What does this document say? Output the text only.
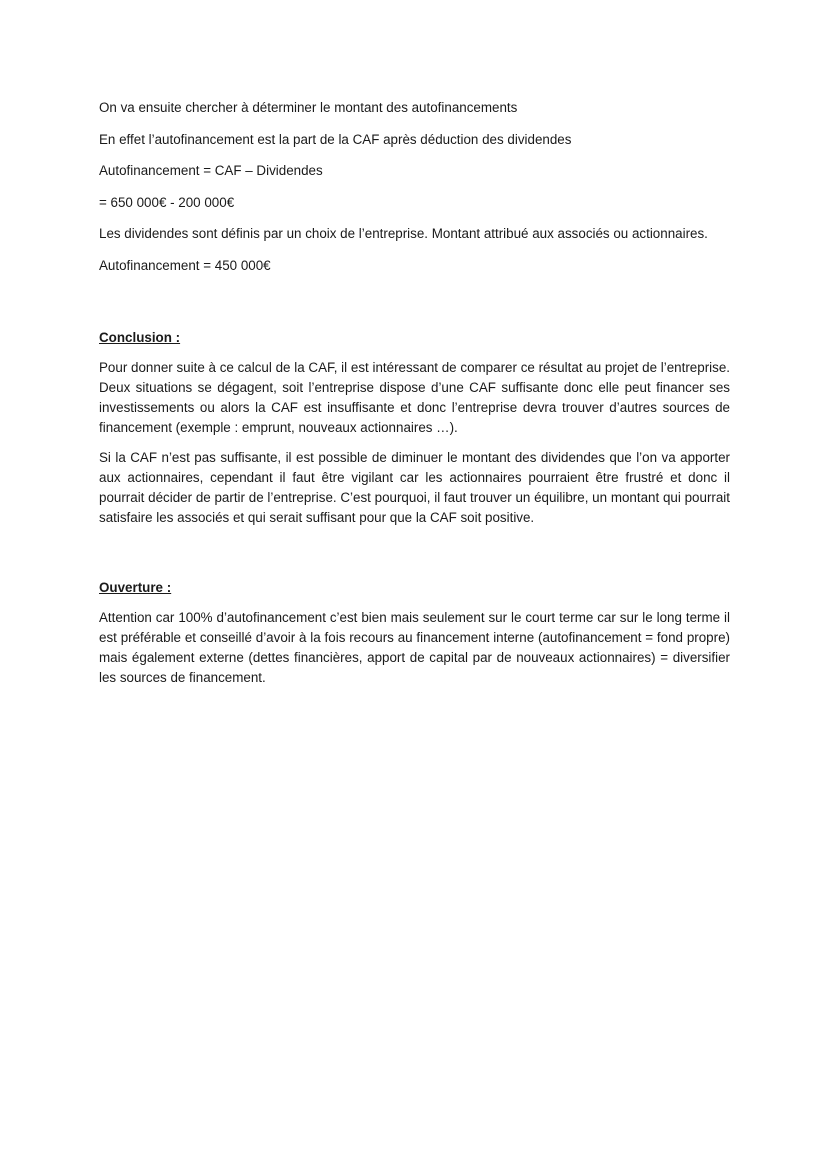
On va ensuite chercher à déterminer le montant des autofinancements

En effet l’autofinancement est la part de la CAF après déduction des dividendes

Autofinancement = CAF – Dividendes

= 650 000€ - 200 000€

Les dividendes sont définis par un choix de l’entreprise. Montant attribué aux associés ou actionnaires.

Autofinancement = 450 000€

Conclusion :

Pour donner suite à ce calcul de la CAF, il est intéressant de comparer ce résultat au projet de l’entreprise. Deux situations se dégagent, soit l’entreprise dispose d’une CAF suffisante donc elle peut financer ses investissements ou alors la CAF est insuffisante et donc l’entreprise devra trouver d’autres sources de financement (exemple : emprunt, nouveaux actionnaires …).

Si la CAF n’est pas suffisante, il est possible de diminuer le montant des dividendes que l’on va apporter aux actionnaires, cependant il faut être vigilant car les actionnaires pourraient être frustré et donc il pourrait décider de partir de l’entreprise. C’est pourquoi, il faut trouver un équilibre, un montant qui pourrait satisfaire les associés et qui serait suffisant pour que la CAF soit positive.

Ouverture :

Attention car 100% d’autofinancement c’est bien mais seulement sur le court terme car sur le long terme il est préférable et conseillé d’avoir à la fois recours au financement interne (autofinancement = fond propre) mais également externe (dettes financières, apport de capital par de nouveaux actionnaires) = diversifier les sources de financement.
